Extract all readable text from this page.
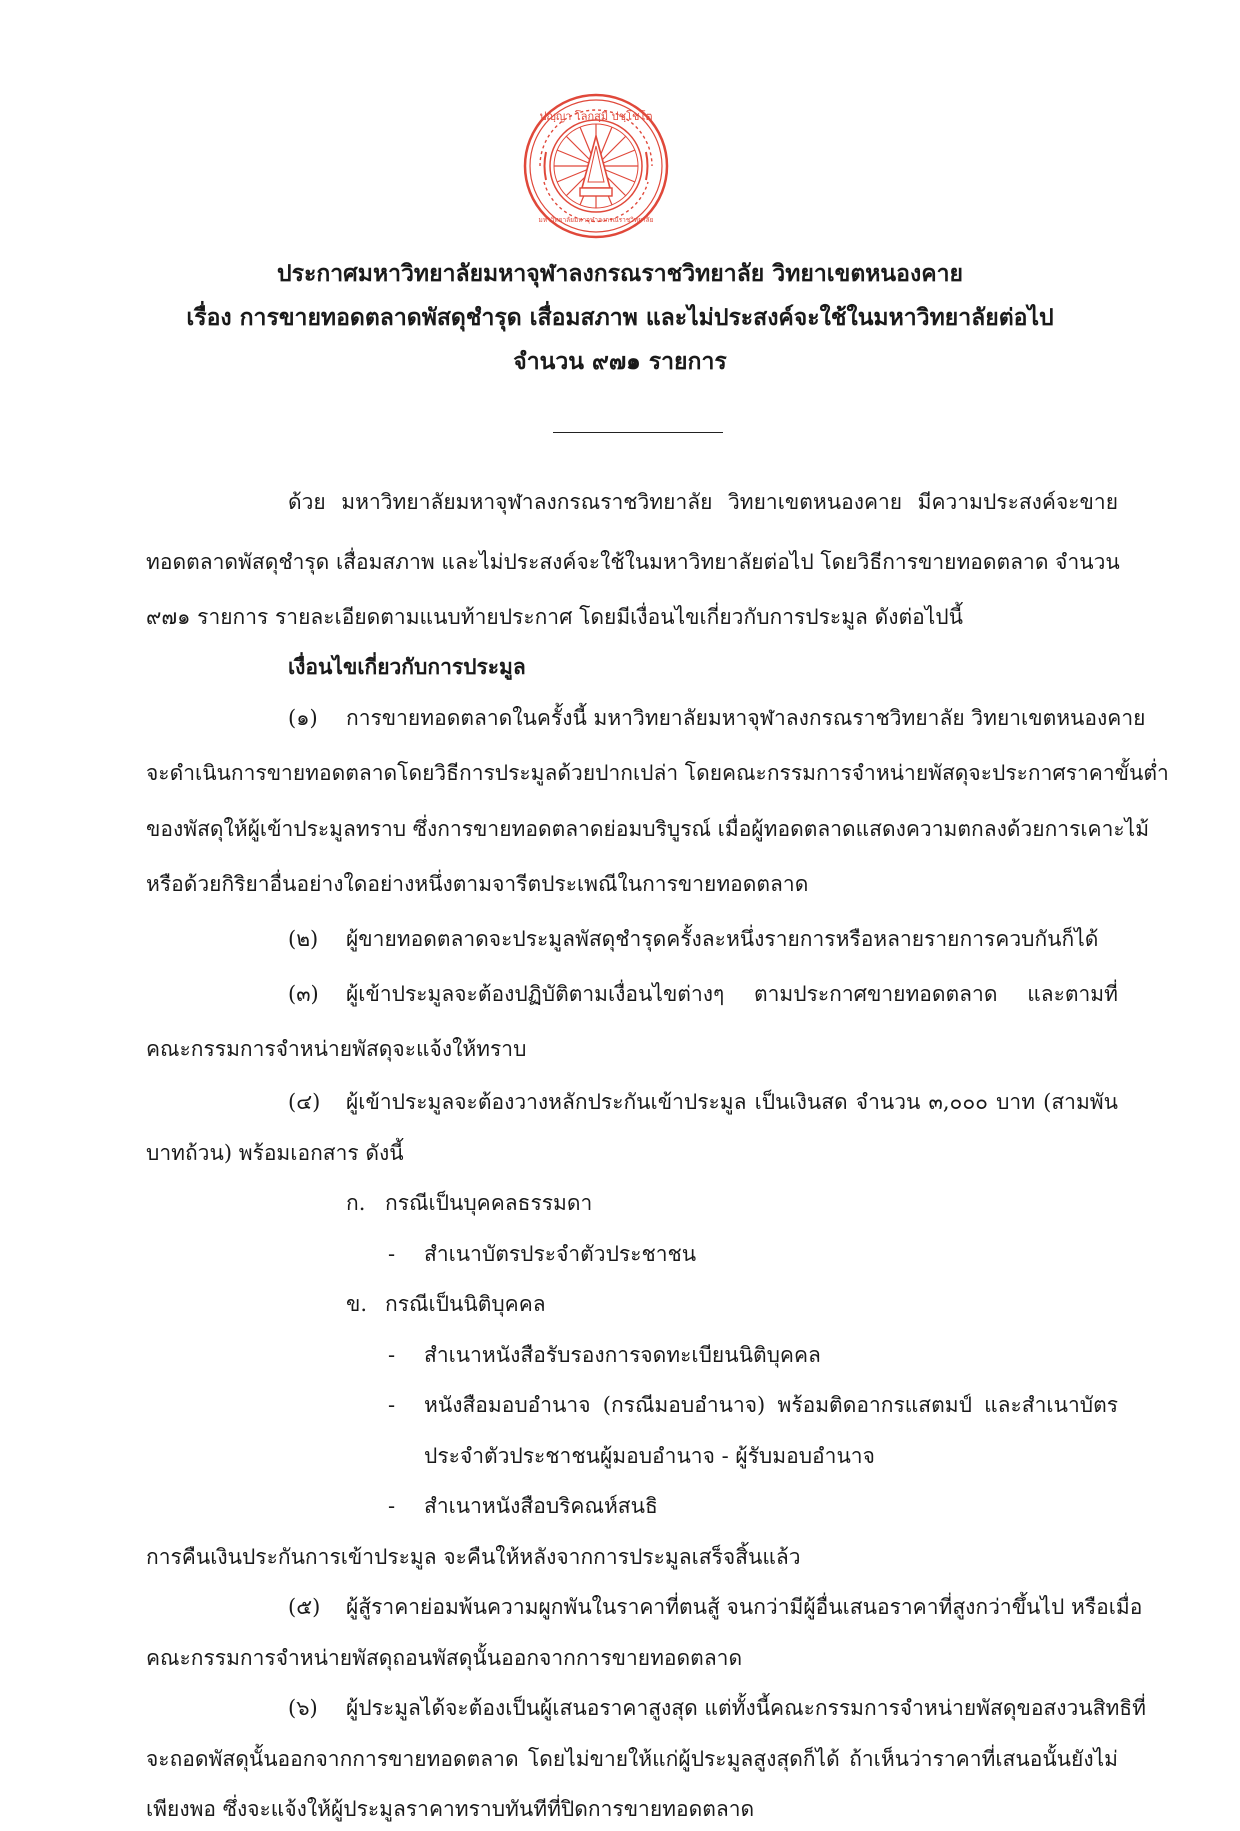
ปญฺญา โลกสฺมิ ปชฺโชโต
มหาวิทยาลัยมหาจุฬาลงกรณราชวิทยาลัย
ประกาศมหาวิทยาลัยมหาจุฬาลงกรณราชวิทยาลัย วิทยาเขตหนองคาย
เรื่อง การขายทอดตลาดพัสดุชำรุด เสื่อมสภาพ และไม่ประสงค์จะใช้ในมหาวิทยาลัยต่อไป
จำนวน ๙๗๑ รายการ
ด้วย มหาวิทยาลัยมหาจุฬาลงกรณราชวิทยาลัย วิทยาเขตหนองคาย มีความประสงค์จะขาย
ทอดตลาดพัสดุชำรุด เสื่อมสภาพ และไม่ประสงค์จะใช้ในมหาวิทยาลัยต่อไป โดยวิธีการขายทอดตลาด จำนวน
๙๗๑ รายการ รายละเอียดตามแนบท้ายประกาศ โดยมีเงื่อนไขเกี่ยวกับการประมูล ดังต่อไปนี้
เงื่อนไขเกี่ยวกับการประมูล
(๑) การขายทอดตลาดในครั้งนี้ มหาวิทยาลัยมหาจุฬาลงกรณราชวิทยาลัย วิทยาเขตหนองคาย
จะดำเนินการขายทอดตลาดโดยวิธีการประมูลด้วยปากเปล่า โดยคณะกรรมการจำหน่ายพัสดุจะประกาศราคาขั้นต่ำ
ของพัสดุให้ผู้เข้าประมูลทราบ ซึ่งการขายทอดตลาดย่อมบริบูรณ์ เมื่อผู้ทอดตลาดแสดงความตกลงด้วยการเคาะไม้
หรือด้วยกิริยาอื่นอย่างใดอย่างหนึ่งตามจารีตประเพณีในการขายทอดตลาด
(๒) ผู้ขายทอดตลาดจะประมูลพัสดุชำรุดครั้งละหนึ่งรายการหรือหลายรายการควบกันก็ได้
(๓) ผู้เข้าประมูลจะต้องปฏิบัติตามเงื่อนไขต่างๆ ตามประกาศขายทอดตลาด และตามที่
คณะกรรมการจำหน่ายพัสดุจะแจ้งให้ทราบ
(๔) ผู้เข้าประมูลจะต้องวางหลักประกันเข้าประมูล เป็นเงินสด จำนวน ๓,๐๐๐ บาท (สามพัน
บาทถ้วน) พร้อมเอกสาร ดังนี้
ก. กรณีเป็นบุคคลธรรมดา
- สำเนาบัตรประจำตัวประชาชน
ข. กรณีเป็นนิติบุคคล
- สำเนาหนังสือรับรองการจดทะเบียนนิติบุคคล
- หนังสือมอบอำนาจ (กรณีมอบอำนาจ) พร้อมติดอากรแสตมป์ และสำเนาบัตร
ประจำตัวประชาชนผู้มอบอำนาจ - ผู้รับมอบอำนาจ
- สำเนาหนังสือบริคณห์สนธิ
การคืนเงินประกันการเข้าประมูล จะคืนให้หลังจากการประมูลเสร็จสิ้นแล้ว
(๕) ผู้สู้ราคาย่อมพ้นความผูกพันในราคาที่ตนสู้ จนกว่ามีผู้อื่นเสนอราคาที่สูงกว่าขึ้นไป หรือเมื่อ
คณะกรรมการจำหน่ายพัสดุถอนพัสดุนั้นออกจากการขายทอดตลาด
(๖) ผู้ประมูลได้จะต้องเป็นผู้เสนอราคาสูงสุด แต่ทั้งนี้คณะกรรมการจำหน่ายพัสดุขอสงวนสิทธิที่
จะถอดพัสดุนั้นออกจากการขายทอดตลาด โดยไม่ขายให้แก่ผู้ประมูลสูงสุดก็ได้ ถ้าเห็นว่าราคาที่เสนอนั้นยังไม่
เพียงพอ ซึ่งจะแจ้งให้ผู้ประมูลราคาทราบทันทีที่ปิดการขายทอดตลาด
